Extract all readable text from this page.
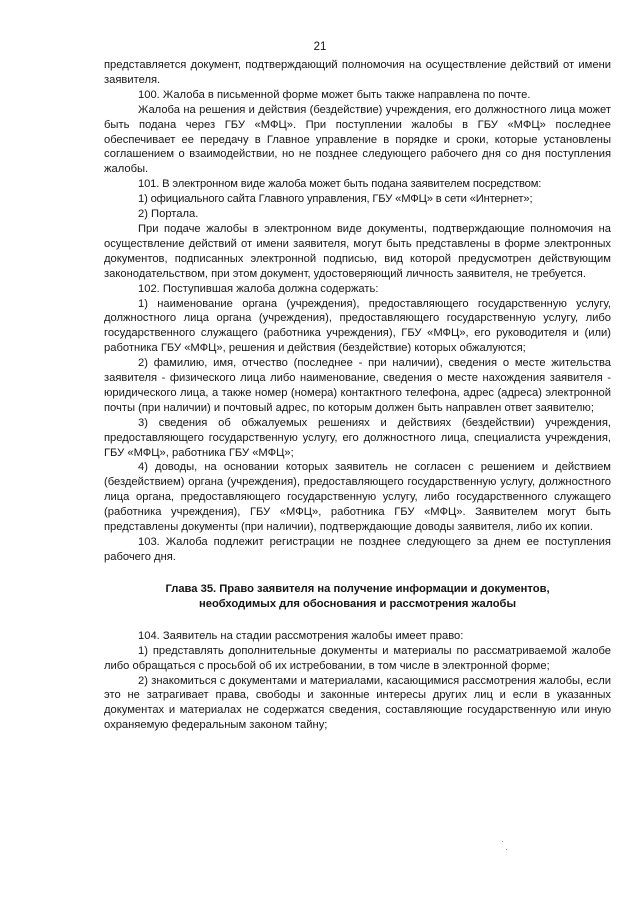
21

представляется документ, подтверждающий полномочия на осуществление действий от имени заявителя.

100. Жалоба в письменной форме может быть также направлена по почте.

Жалоба на решения и действия (бездействие) учреждения, его должностного лица может быть подана через ГБУ «МФЦ». При поступлении жалобы в ГБУ «МФЦ» последнее обеспечивает ее передачу в Главное управление в порядке и сроки, которые установлены соглашением о взаимодействии, но не позднее следующего рабочего дня со дня поступления жалобы.

101. В электронном виде жалоба может быть подана заявителем посредством:

1) официального сайта Главного управления, ГБУ «МФЦ» в сети «Интернет»;

2) Портала.

При подаче жалобы в электронном виде документы, подтверждающие полномочия на осуществление действий от имени заявителя, могут быть представлены в форме электронных документов, подписанных электронной подписью, вид которой предусмотрен действующим законодательством, при этом документ, удостоверяющий личность заявителя, не требуется.

102. Поступившая жалоба должна содержать:

1) наименование органа (учреждения), предоставляющего государственную услугу, должностного лица органа (учреждения), предоставляющего государственную услугу, либо государственного служащего (работника учреждения), ГБУ «МФЦ», его руководителя и (или) работника ГБУ «МФЦ», решения и действия (бездействие) которых обжалуются;

2) фамилию, имя, отчество (последнее - при наличии), сведения о месте жительства заявителя - физического лица либо наименование, сведения о месте нахождения заявителя - юридического лица, а также номер (номера) контактного телефона, адрес (адреса) электронной почты (при наличии) и почтовый адрес, по которым должен быть направлен ответ заявителю;

3) сведения об обжалуемых решениях и действиях (бездействии) учреждения, предоставляющего государственную услугу, его должностного лица, специалиста учреждения, ГБУ «МФЦ», работника ГБУ «МФЦ»;

4) доводы, на основании которых заявитель не согласен с решением и действием (бездействием) органа (учреждения), предоставляющего государственную услугу, должностного лица органа, предоставляющего государственную услугу, либо государственного служащего (работника учреждения), ГБУ «МФЦ», работника ГБУ «МФЦ». Заявителем могут быть представлены документы (при наличии), подтверждающие доводы заявителя, либо их копии.

103. Жалоба подлежит регистрации не позднее следующего за днем ее поступления рабочего дня.

Глава 35. Право заявителя на получение информации и документов,
необходимых для обоснования и рассмотрения жалобы

104. Заявитель на стадии рассмотрения жалобы имеет право:

1) представлять дополнительные документы и материалы по рассматриваемой жалобе либо обращаться с просьбой об их истребовании, в том числе в электронной форме;

2) знакомиться с документами и материалами, касающимися рассмотрения жалобы, если это не затрагивает права, свободы и законные интересы других лиц и если в указанных документах и материалах не содержатся сведения, составляющие государственную или иную охраняемую федеральным законом тайну;
